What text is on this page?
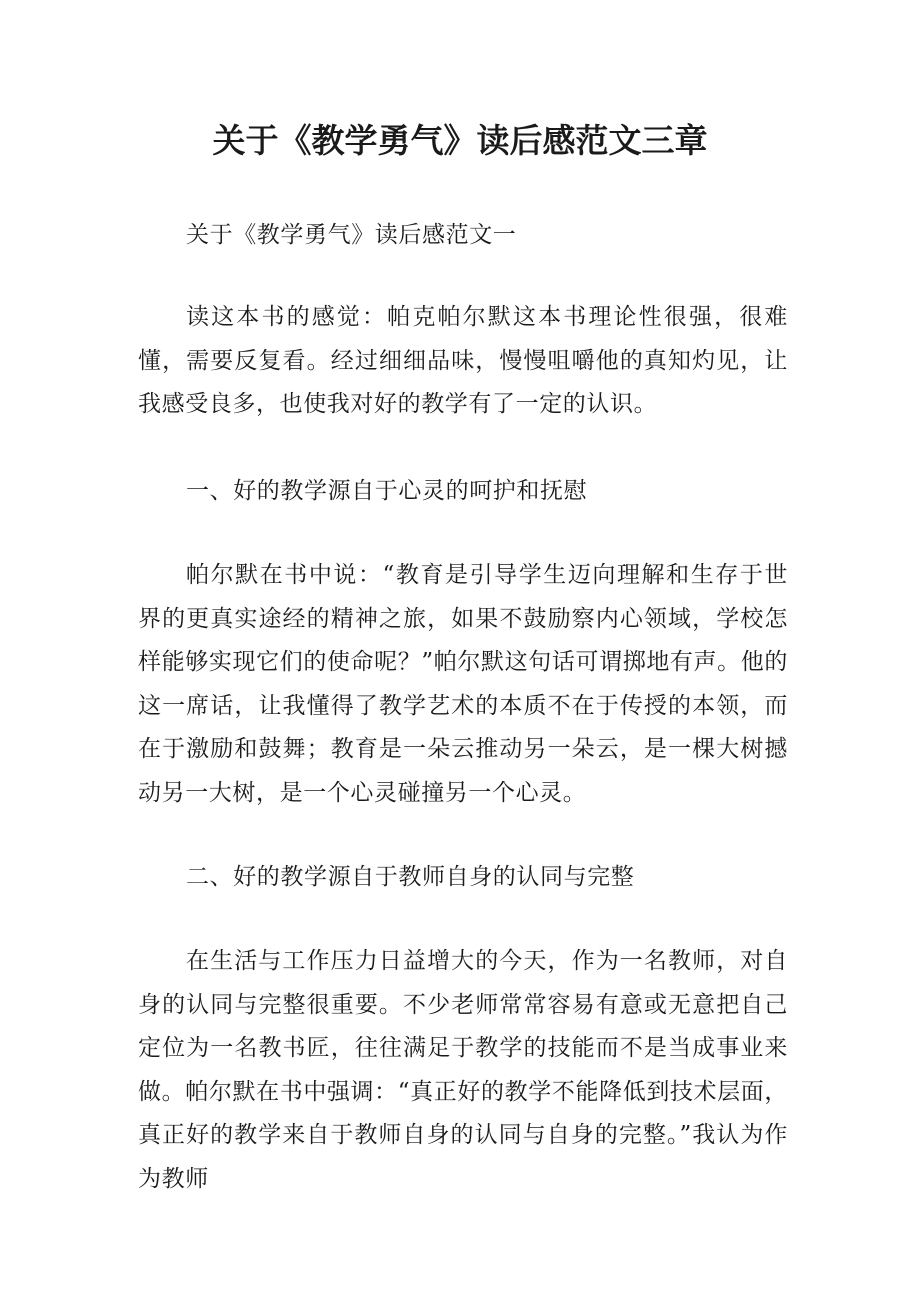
关于《教学勇气》读后感范文三章

关于《教学勇气》读后感范文一

读这本书的感觉：帕克帕尔默这本书理论性很强，很难懂，需要反复看。经过细细品味，慢慢咀嚼他的真知灼见，让我感受良多，也使我对好的教学有了一定的认识。

一、好的教学源自于心灵的呵护和抚慰

帕尔默在书中说：“教育是引导学生迈向理解和生存于世界的更真实途经的精神之旅，如果不鼓励察内心领域，学校怎样能够实现它们的使命呢？”帕尔默这句话可谓掷地有声。他的这一席话，让我懂得了教学艺术的本质不在于传授的本领，而在于激励和鼓舞；教育是一朵云推动另一朵云，是一棵大树撼动另一大树，是一个心灵碰撞另一个心灵。

二、好的教学源自于教师自身的认同与完整

在生活与工作压力日益增大的今天，作为一名教师，对自身的认同与完整很重要。不少老师常常容易有意或无意把自己定位为一名教书匠，往往满足于教学的技能而不是当成事业来做。帕尔默在书中强调：“真正好的教学不能降低到技术层面，真正好的教学来自于教师自身的认同与自身的完整。”我认为作为教师
